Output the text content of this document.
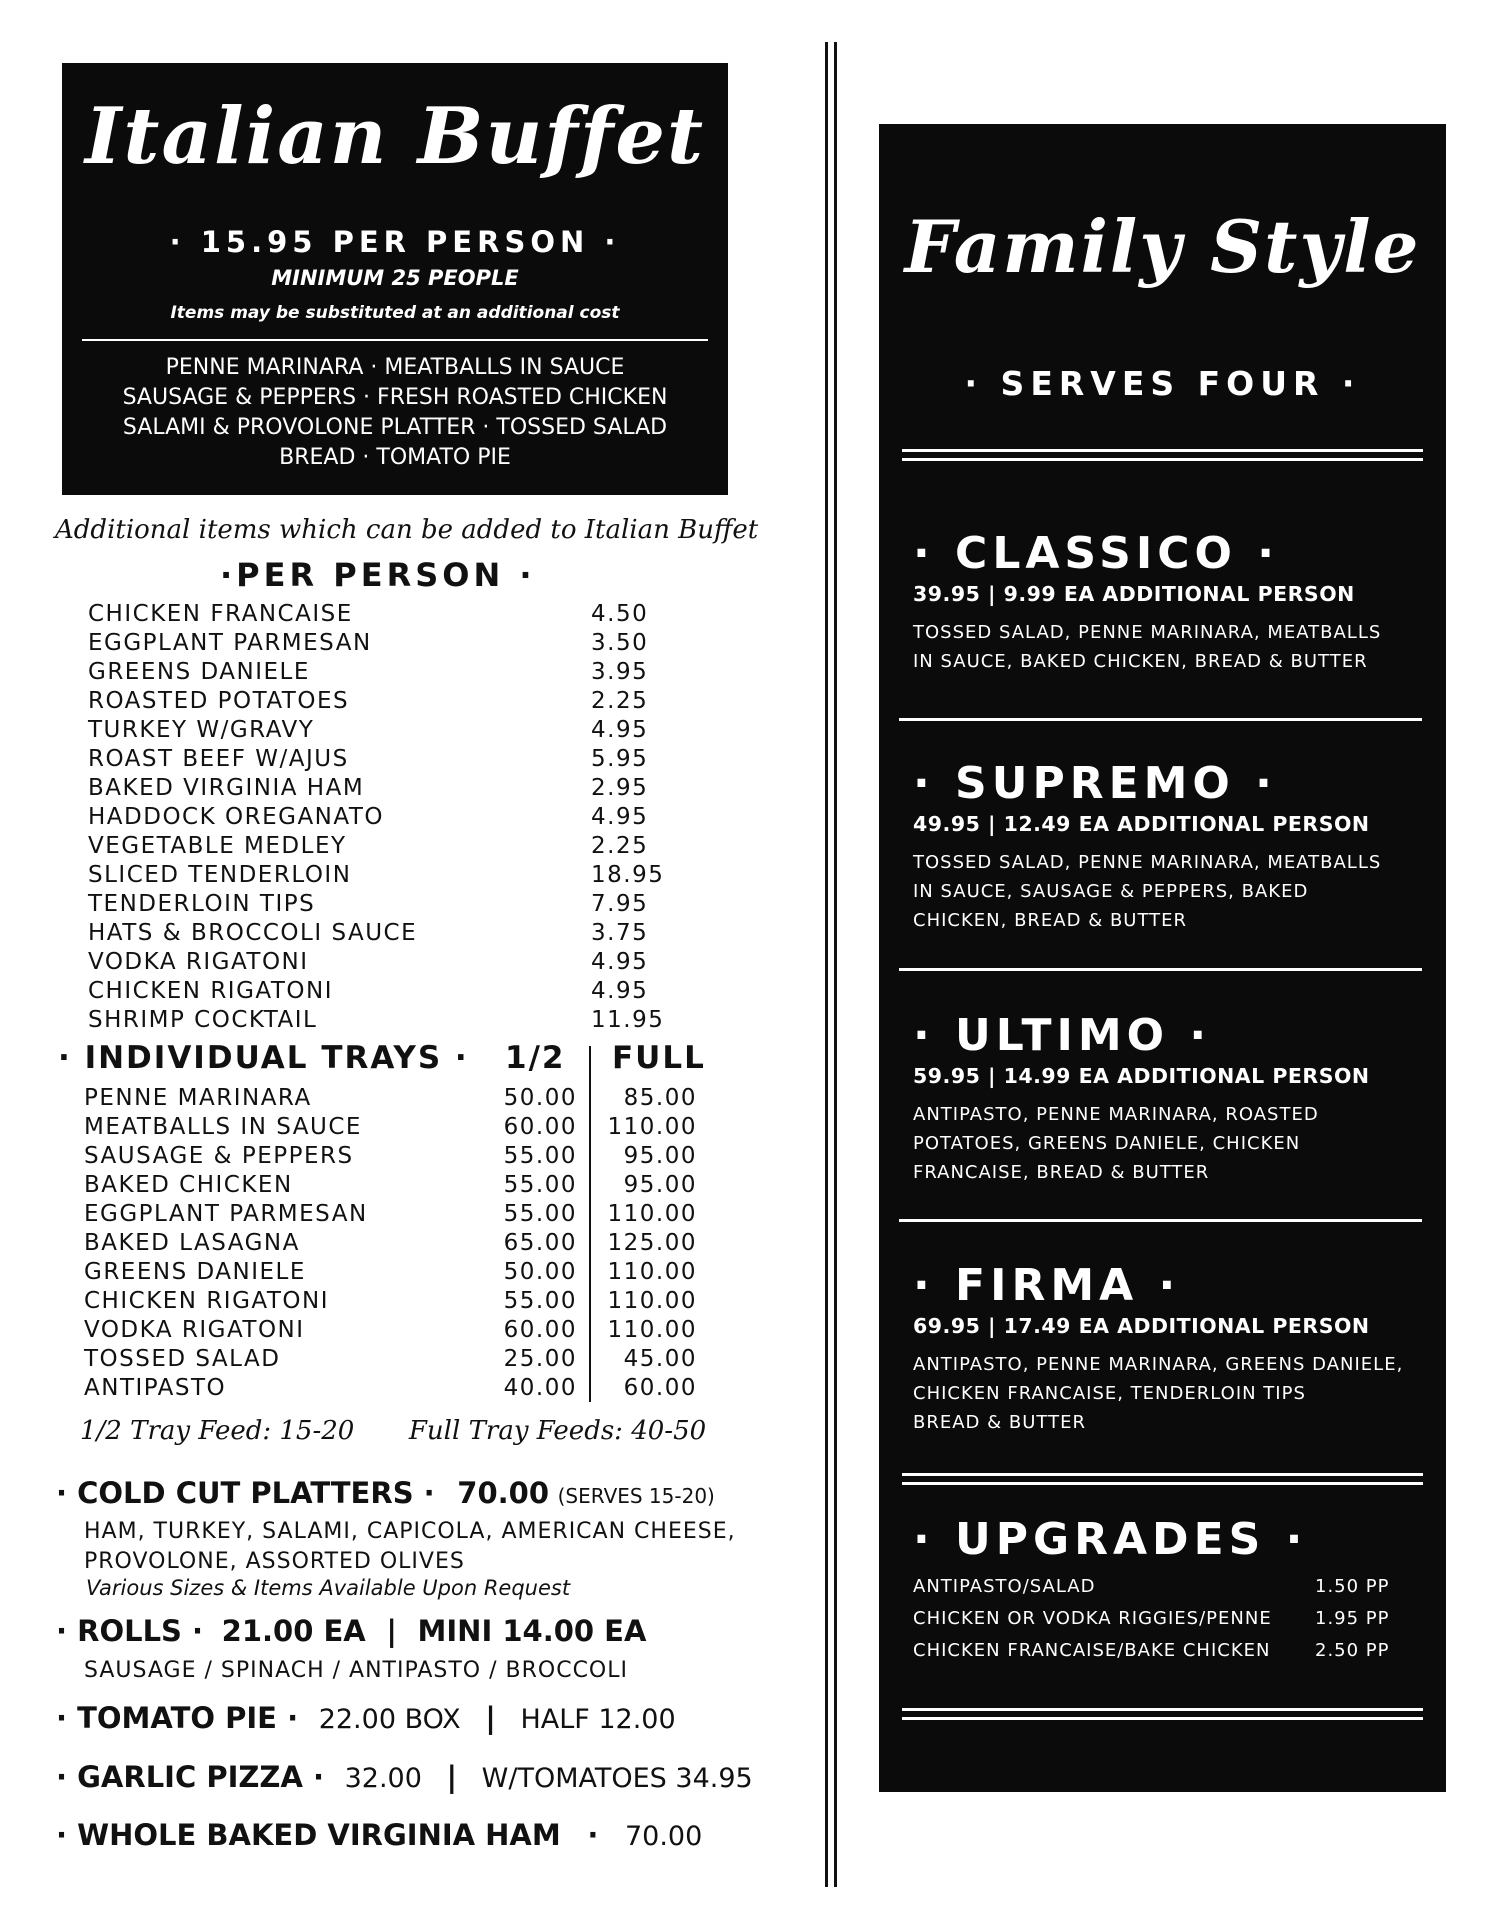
Italian Buffet
· 15.95 PER PERSON ·
MINIMUM 25 PEOPLE
Items may be substituted at an additional cost
PENNE MARINARA · MEATBALLS IN SAUCE
SAUSAGE & PEPPERS · FRESH ROASTED CHICKEN
SALAMI & PROVOLONE PLATTER · TOSSED SALAD
BREAD · TOMATO PIE
Additional items which can be added to Italian Buffet
·PER PERSON ·
CHICKEN FRANCAISE	4.50
EGGPLANT PARMESAN	3.50
GREENS DANIELE	3.95
ROASTED POTATOES	2.25
TURKEY W/GRAVY	4.95
ROAST BEEF W/AJUS	5.95
BAKED VIRGINIA HAM	2.95
HADDOCK OREGANATO	4.95
VEGETABLE MEDLEY	2.25
SLICED TENDERLOIN	18.95
TENDERLOIN TIPS	7.95
HATS & BROCCOLI SAUCE	3.75
VODKA RIGATONI	4.95
CHICKEN RIGATONI	4.95
SHRIMP COCKTAIL	11.95
· INDIVIDUAL TRAYS · 1/2 FULL
PENNE MARINARA	50.00	85.00
MEATBALLS IN SAUCE	60.00	110.00
SAUSAGE & PEPPERS	55.00	95.00
BAKED CHICKEN	55.00	95.00
EGGPLANT PARMESAN	55.00	110.00
BAKED LASAGNA	65.00	125.00
GREENS DANIELE	50.00	110.00
CHICKEN RIGATONI	55.00	110.00
VODKA RIGATONI	60.00	110.00
TOSSED SALAD	25.00	45.00
ANTIPASTO	40.00	60.00
1/2 Tray Feed: 15-20 Full Tray Feeds: 40-50
· COLD CUT PLATTERS · 70.00 (SERVES 15-20)
HAM, TURKEY, SALAMI, CAPICOLA, AMERICAN CHEESE,
PROVOLONE, ASSORTED OLIVES
Various Sizes & Items Available Upon Request
· ROLLS · 21.00 EA | MINI 14.00 EA
SAUSAGE / SPINACH / ANTIPASTO / BROCCOLI
· TOMATO PIE · 22.00 BOX | HALF 12.00
· GARLIC PIZZA · 32.00 | W/TOMATOES 34.95
· WHOLE BAKED VIRGINIA HAM · 70.00
Family Style
· SERVES FOUR ·
· CLASSICO ·
39.95 | 9.99 EA ADDITIONAL PERSON
TOSSED SALAD, PENNE MARINARA, MEATBALLS
IN SAUCE, BAKED CHICKEN, BREAD & BUTTER
· SUPREMO ·
49.95 | 12.49 EA ADDITIONAL PERSON
TOSSED SALAD, PENNE MARINARA, MEATBALLS
IN SAUCE, SAUSAGE & PEPPERS, BAKED
CHICKEN, BREAD & BUTTER
· ULTIMO ·
59.95 | 14.99 EA ADDITIONAL PERSON
ANTIPASTO, PENNE MARINARA, ROASTED
POTATOES, GREENS DANIELE, CHICKEN
FRANCAISE, BREAD & BUTTER
· FIRMA ·
69.95 | 17.49 EA ADDITIONAL PERSON
ANTIPASTO, PENNE MARINARA, GREENS DANIELE,
CHICKEN FRANCAISE, TENDERLOIN TIPS
BREAD & BUTTER
· UPGRADES ·
ANTIPASTO/SALAD	1.50 PP
CHICKEN OR VODKA RIGGIES/PENNE 1.95 PP
CHICKEN FRANCAISE/BAKE CHICKEN 2.50 PP
